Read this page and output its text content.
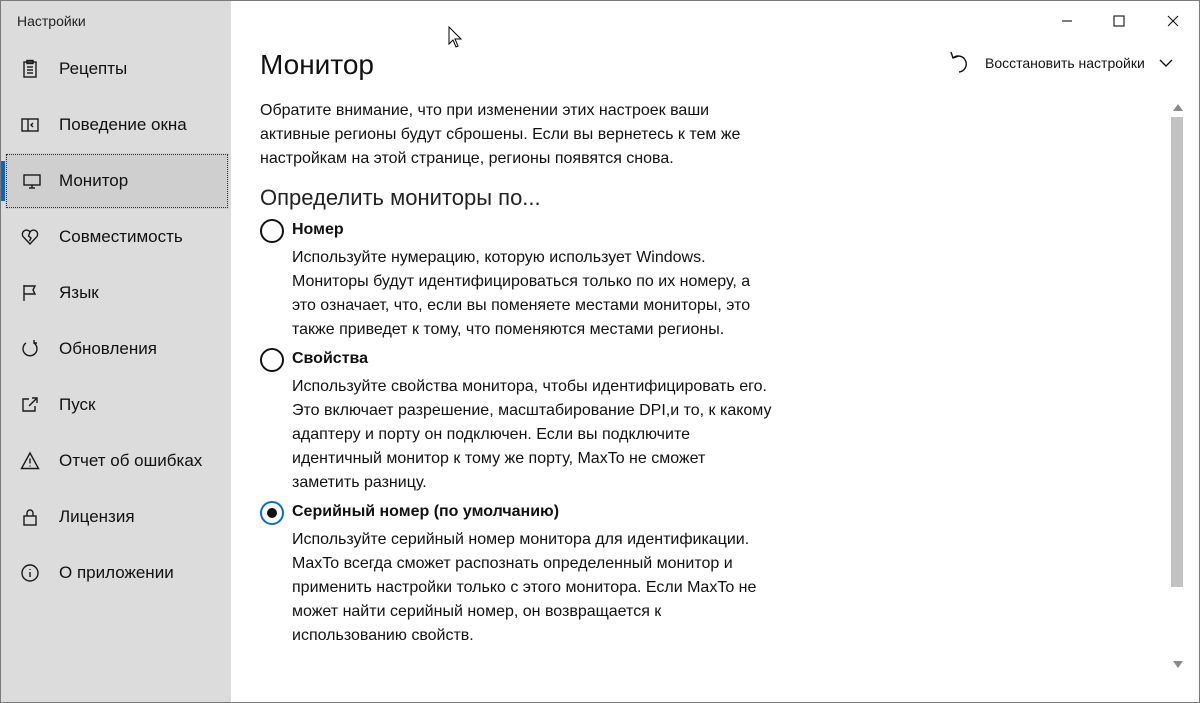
Настройки
Рецепты
Поведение окна
Монитор
Совместимость
Язык
Обновления
Пуск
Отчет об ошибках
Лицензия
О приложении
Монитор	Восстановить настройки
Обратите внимание, что при изменении этих настроек ваши
активные регионы будут сброшены. Если вы вернетесь к тем же
настройкам на этой странице, регионы появятся снова.
Определить мониторы по...
Номер
Используйте нумерацию, которую использует Windows.
Мониторы будут идентифицироваться только по их номеру, а
это означает, что, если вы поменяете местами мониторы, это
также приведет к тому, что поменяются местами регионы.
Свойства
Используйте свойства монитора, чтобы идентифицировать его.
Это включает разрешение, масштабирование DPI,и то, к какому
адаптеру и порту он подключен. Если вы подключите
идентичный монитор к тому же порту, MaxTo не сможет
заметить разницу.
Серийный номер (по умолчанию)
Используйте серийный номер монитора для идентификации.
MaxTo всегда сможет распознать определенный монитор и
применить настройки только с этого монитора. Если MaxTo не
может найти серийный номер, он возвращается к
использованию свойств.
